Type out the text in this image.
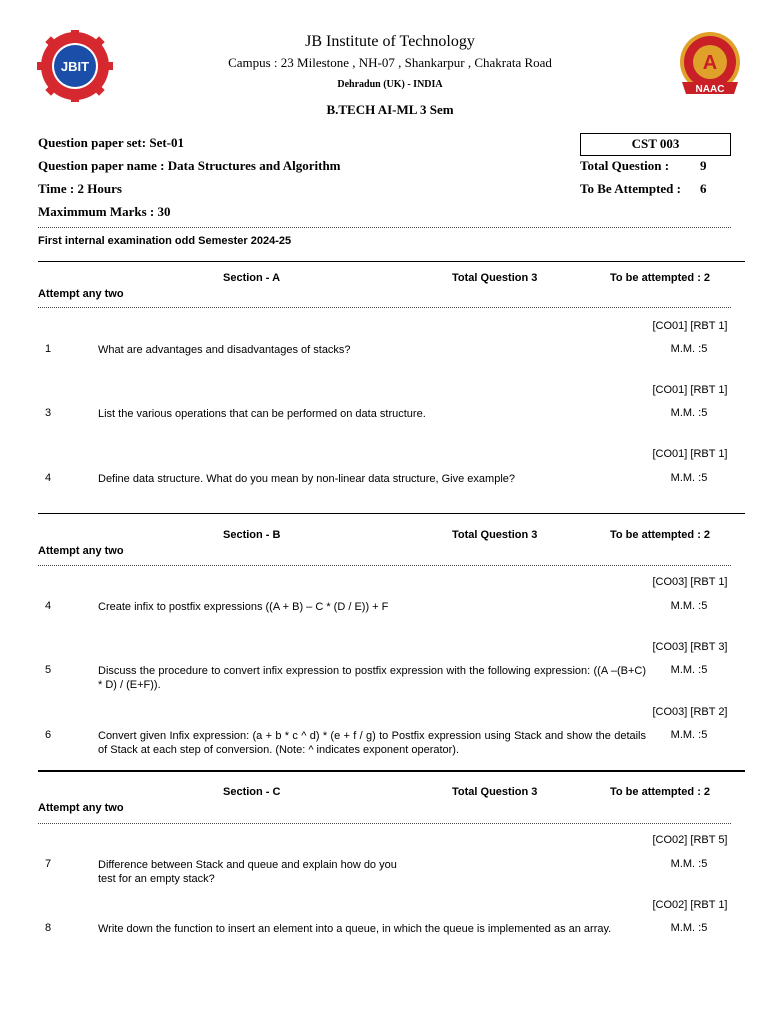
JBIT	A
NAAC
JB Institute of Technology
Campus : 23 Milestone , NH-07 , Shankarpur , Chakrata Road
Dehradun (UK) - INDIA
B.TECH AI-ML 3 Sem
Question paper set: Set-01
Question paper name : Data Structures and Algorithm
Time : 2 Hours
Maximmum Marks : 30
CST 003
Total Question : 9
To Be Attempted : 6
First internal examination odd Semester 2024-25
Section - A	Total Question 3	To be attempted : 2
Attempt any two
[CO01] [RBT 1]
1	What are advantages and disadvantages of stacks?	M.M. :5
[CO01] [RBT 1]
3	List the various operations that can be performed on data structure.	M.M. :5
[CO01] [RBT 1]
4	Define data structure. What do you mean by non-linear data structure, Give example?	M.M. :5
Section - B	Total Question 3	To be attempted : 2
Attempt any two
[CO03] [RBT 1]
4	Create infix to postfix expressions ((A + B) – C * (D / E)) + F	M.M. :5
[CO03] [RBT 3]
5	Discuss the procedure to convert infix expression to postfix expression with the following expression: ((A –(B+C) * D) / (E+F)).
M.M. :5
[CO03] [RBT 2]
6	Convert given Infix expression: (a + b * c ^ d) * (e + f / g) to Postfix expression using Stack and show the details of Stack at each step of conversion. (Note: ^ indicates exponent operator).
M.M. :5
Section - C	Total Question 3	To be attempted : 2
Attempt any two
[CO02] [RBT 5]
7	Difference between Stack and queue and explain how do you test for an empty stack?
M.M. :5
[CO02] [RBT 1]
8	Write down the function to insert an element into a queue, in which the queue is implemented as an array.	M.M. :5
